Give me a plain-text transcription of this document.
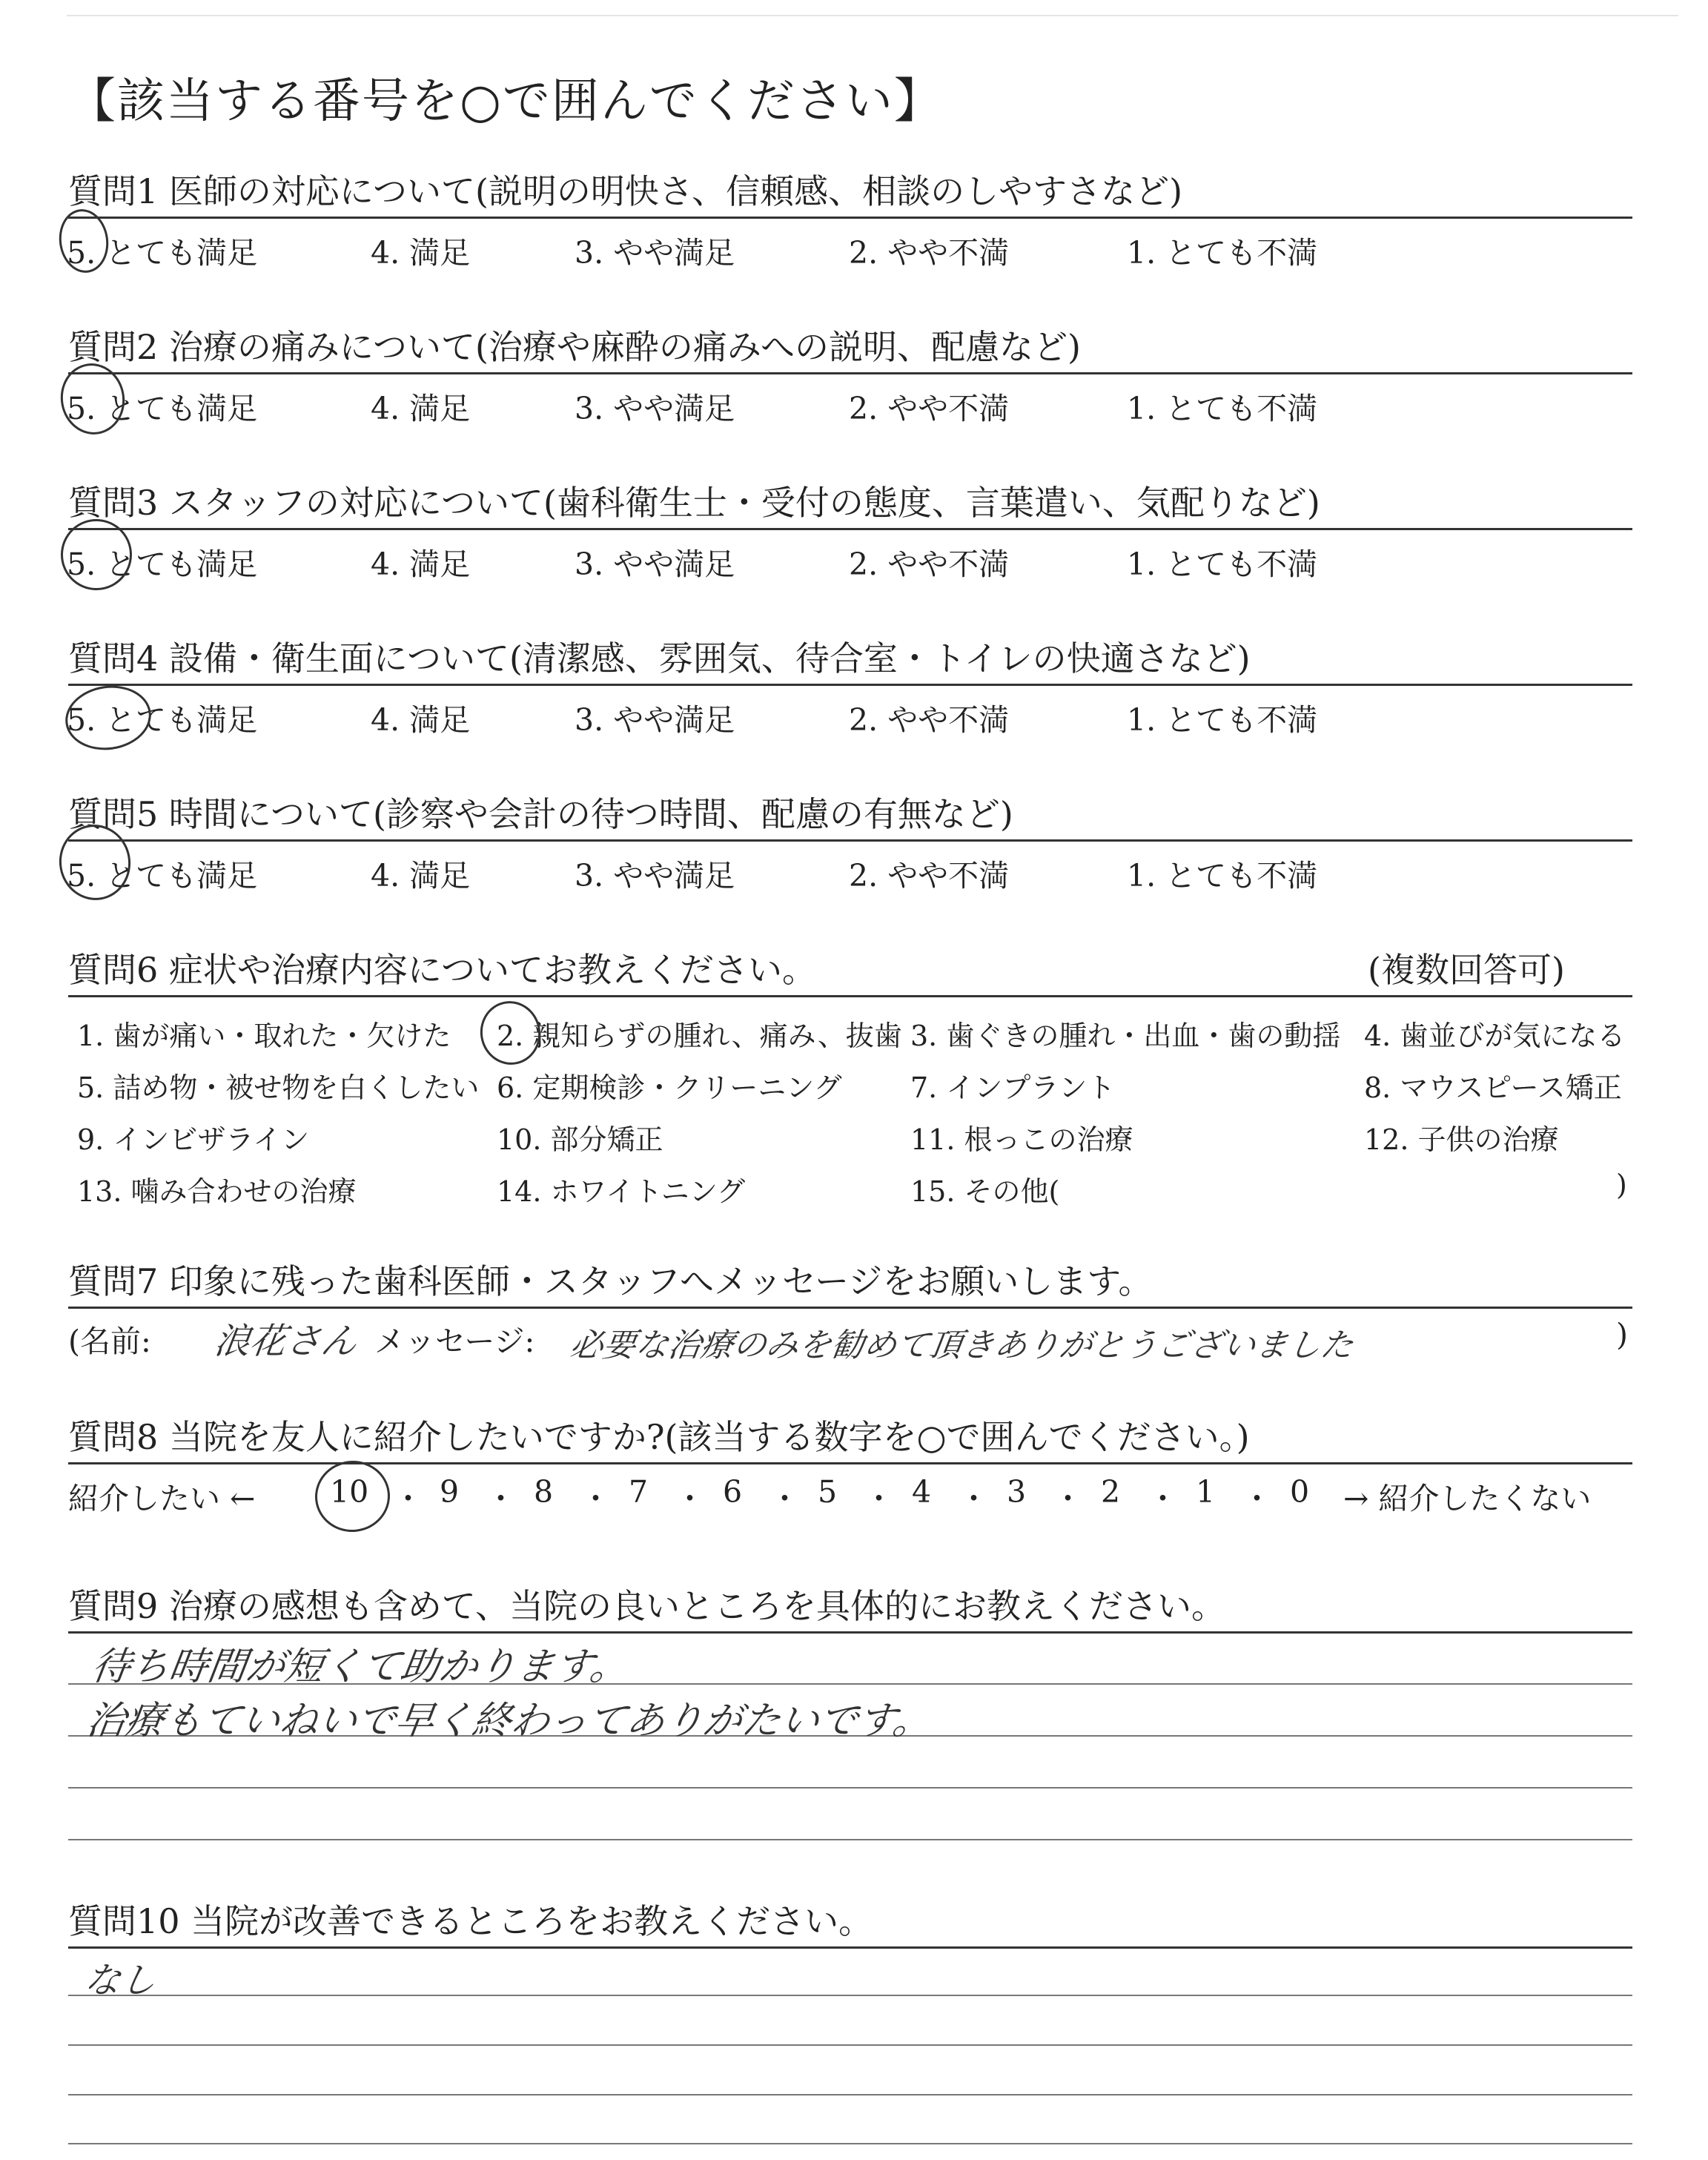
【該当する番号を○で囲んでください】
質問1 医師の対応について(説明の明快さ、信頼感、相談のしやすさなど)
5. とても満足	4. 満足	3. やや満足	2. やや不満	1. とても不満
質問2 治療の痛みについて(治療や麻酔の痛みへの説明、配慮など)
5. とても満足	4. 満足	3. やや満足	2. やや不満	1. とても不満
質問3 スタッフの対応について(歯科衛生士・受付の態度、言葉遣い、気配りなど)
5. とても満足	4. 満足	3. やや満足	2. やや不満	1. とても不満
質問4 設備・衛生面について(清潔感、雰囲気、待合室・トイレの快適さなど)
5. とても満足	4. 満足	3. やや満足	2. やや不満	1. とても不満
質問5 時間について(診察や会計の待つ時間、配慮の有無など)
5. とても満足	4. 満足	3. やや満足	2. やや不満	1. とても不満
質問6 症状や治療内容についてお教えください。	(複数回答可)
1. 歯が痛い・取れた・欠けた 2. 親知らずの腫れ、痛み、抜歯 3. 歯ぐきの腫れ・出血・歯の動揺 4. 歯並びが気になる
5. 詰め物・被せ物を白くしたい 6. 定期検診・クリーニング 7. インプラント	8. マウスピース矯正
9. インビザライン	10. 部分矯正	11. 根っこの治療	12. 子供の治療
13. 噛み合わせの治療	14. ホワイトニング	15. その他(	)
質問7 印象に残った歯科医師・スタッフへメッセージをお願いします。
(名前: 浪花さん メッセージ: 必要な治療のみを勧めて頂きありがとうございました	)
質問8 当院を友人に紹介したいですか?(該当する数字を○で囲んでください。)
紹介したい ← 10 ・ 9 ・ 8 ・ 7 ・ 6 ・ 5 ・ 4 ・ 3 ・ 2 ・ 1 ・ 0 → 紹介したくない
質問9 治療の感想も含めて、当院の良いところを具体的にお教えください。
待ち時間が短くて助かります。
治療もていねいで早く終わってありがたいです。
質問10 当院が改善できるところをお教えください。
なし
